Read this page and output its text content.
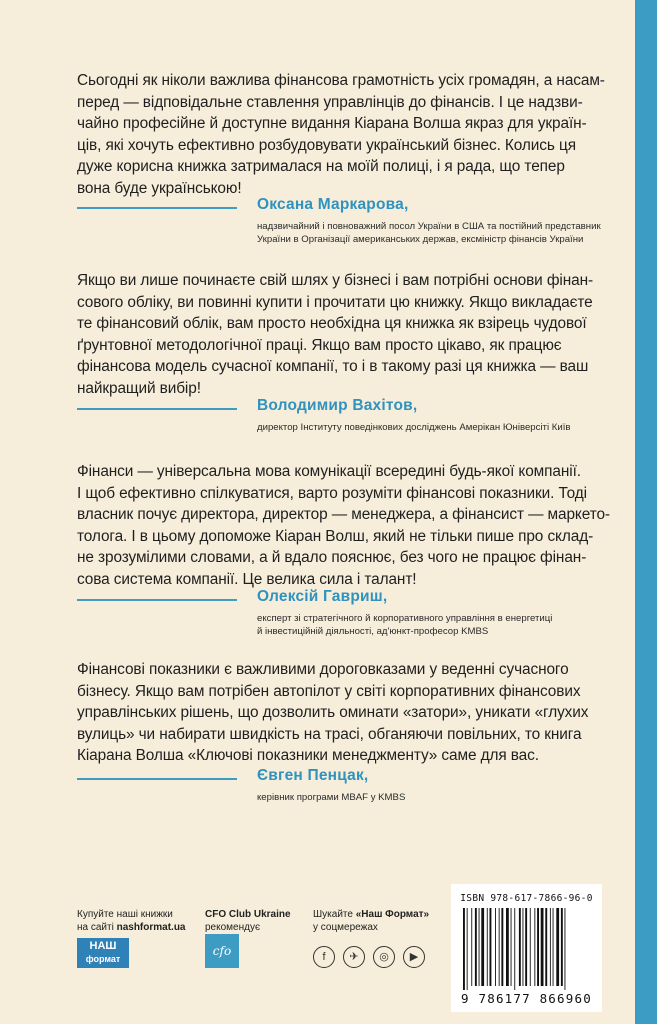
Сьогодні як ніколи важлива фінансова грамотність усіх громадян, а насам-
перед — відповідальне ставлення управлінців до фінансів. І це надзви-
чайно професійне й доступне видання Кіарана Волша якраз для україн-
ців, які хочуть ефективно розбудовувати український бізнес. Колись ця
дуже корисна книжка затрималася на моїй полиці, і я рада, що тепер
вона буде українською!

Оксана Маркарова,

надзвичайний і повноважний посол України в США та постійний представник
України в Організації американських держав, ексміністр фінансів України

Якщо ви лише починаєте свій шлях у бізнесі і вам потрібні основи фінан-
сового обліку, ви повинні купити і прочитати цю книжку. Якщо викладаєте
те фінансовий облік, вам просто необхідна ця книжка як взірець чудової
ґрунтовної методологічної праці. Якщо вам просто цікаво, як працює
фінансова модель сучасної компанії, то і в такому разі ця книжка — ваш
найкращий вибір!

Володимир Вахітов,

директор Інституту поведінкових досліджень Амерікан Юніверсіті Київ

Фінанси — універсальна мова комунікації всередині будь-якої компанії.
І щоб ефективно спілкуватися, варто розуміти фінансові показники. Тоді
власник почує директора, директор — менеджера, а фінансист — маркето-
толога. І в цьому допоможе Кіаран Волш, який не тільки пише про склад-
не зрозумілими словами, а й вдало пояснює, без чого не працює фінан-
сова система компанії. Це велика сила і талант!

Олексій Гавриш,

експерт зі стратегічного й корпоративного управління в енергетиці
й інвестиційній діяльності, ад'юнкт-професор KMBS

Фінансові показники є важливими дороговказами у веденні сучасного
бізнесу. Якщо вам потрібен автопілот у світі корпоративних фінансових
управлінських рішень, що дозволить оминати «затори», уникати «глухих
вулиць» чи набирати швидкість на трасі, обганяючи повільних, то книга
Кіарана Волша «Ключові показники менеджменту» саме для вас.

Євген Пенцак,

керівник програми MBAF у KMBS

Купуйте наші книжки
на сайті nashformat.ua

НАШ
формат

CFO Club Ukraine
рекомендує

cfo

Шукайте «Наш Формат»
у соцмережах

f ✈ ◎ ▶

ISBN 978-617-7866-96-0

9 786177 866960
